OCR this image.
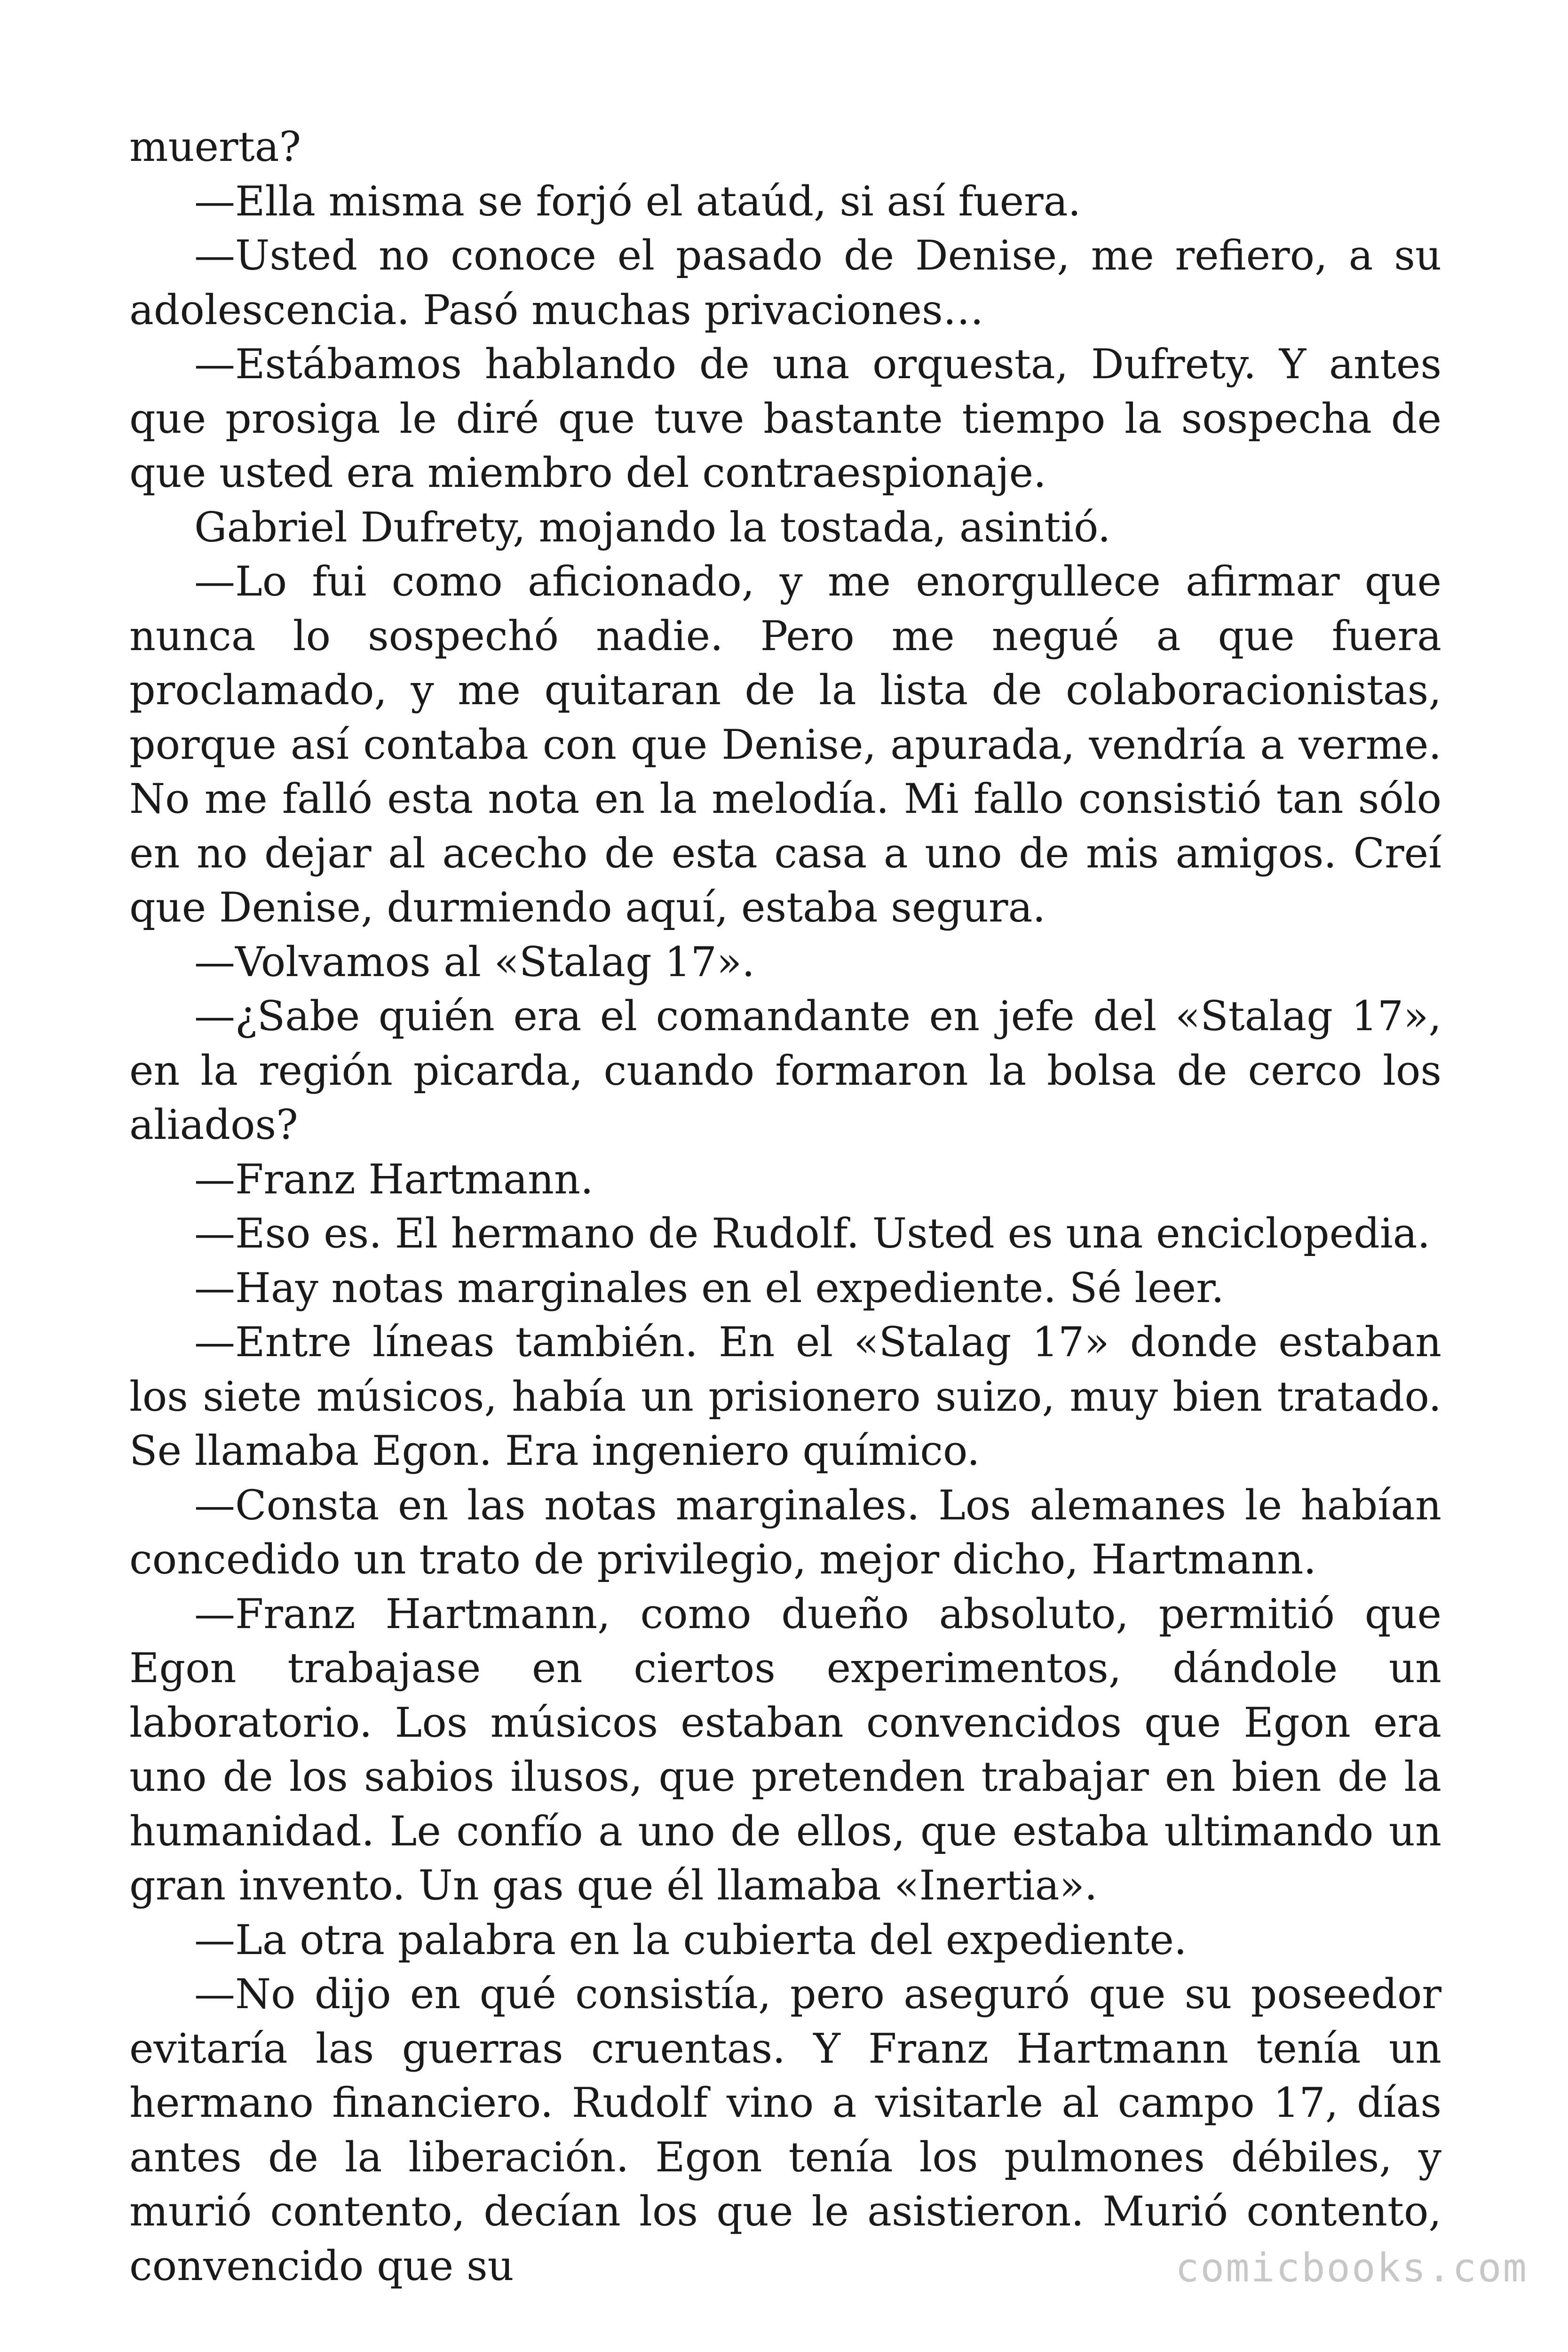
muerta?

—Ella misma se forjó el ataúd, si así fuera.

—Usted no conoce el pasado de Denise, me refiero, a su adolescencia. Pasó muchas privaciones…

—Estábamos hablando de una orquesta, Dufrety. Y antes que prosiga le diré que tuve bastante tiempo la sospecha de que usted era miembro del contraespionaje.

Gabriel Dufrety, mojando la tostada, asintió.

—Lo fui como aficionado, y me enorgullece afirmar que nunca lo sospechó nadie. Pero me negué a que fuera proclamado, y me quitaran de la lista de colaboracionistas, porque así contaba con que Denise, apurada, vendría a verme. No me falló esta nota en la melodía. Mi fallo consistió tan sólo en no dejar al acecho de esta casa a uno de mis amigos. Creí que Denise, durmiendo aquí, estaba segura.

—Volvamos al «Stalag 17».

—¿Sabe quién era el comandante en jefe del «Stalag 17», en la región picarda, cuando formaron la bolsa de cerco los aliados?

—Franz Hartmann.

—Eso es. El hermano de Rudolf. Usted es una enciclopedia.

—Hay notas marginales en el expediente. Sé leer.

—Entre líneas también. En el «Stalag 17» donde estaban los siete músicos, había un prisionero suizo, muy bien tratado. Se llamaba Egon. Era ingeniero químico.

—Consta en las notas marginales. Los alemanes le habían concedido un trato de privilegio, mejor dicho, Hartmann.

—Franz Hartmann, como dueño absoluto, permitió que Egon trabajase en ciertos experimentos, dándole un laboratorio. Los músicos estaban convencidos que Egon era uno de los sabios ilusos, que pretenden trabajar en bien de la humanidad. Le confío a uno de ellos, que estaba ultimando un gran invento. Un gas que él llamaba «Inertia».

—La otra palabra en la cubierta del expediente.

—No dijo en qué consistía, pero aseguró que su poseedor evitaría las guerras cruentas. Y Franz Hartmann tenía un hermano financiero. Rudolf vino a visitarle al campo 17, días antes de la liberación. Egon tenía los pulmones débiles, y murió contento, decían los que le asistieron. Murió contento, convencido que su	comicbooks.com
